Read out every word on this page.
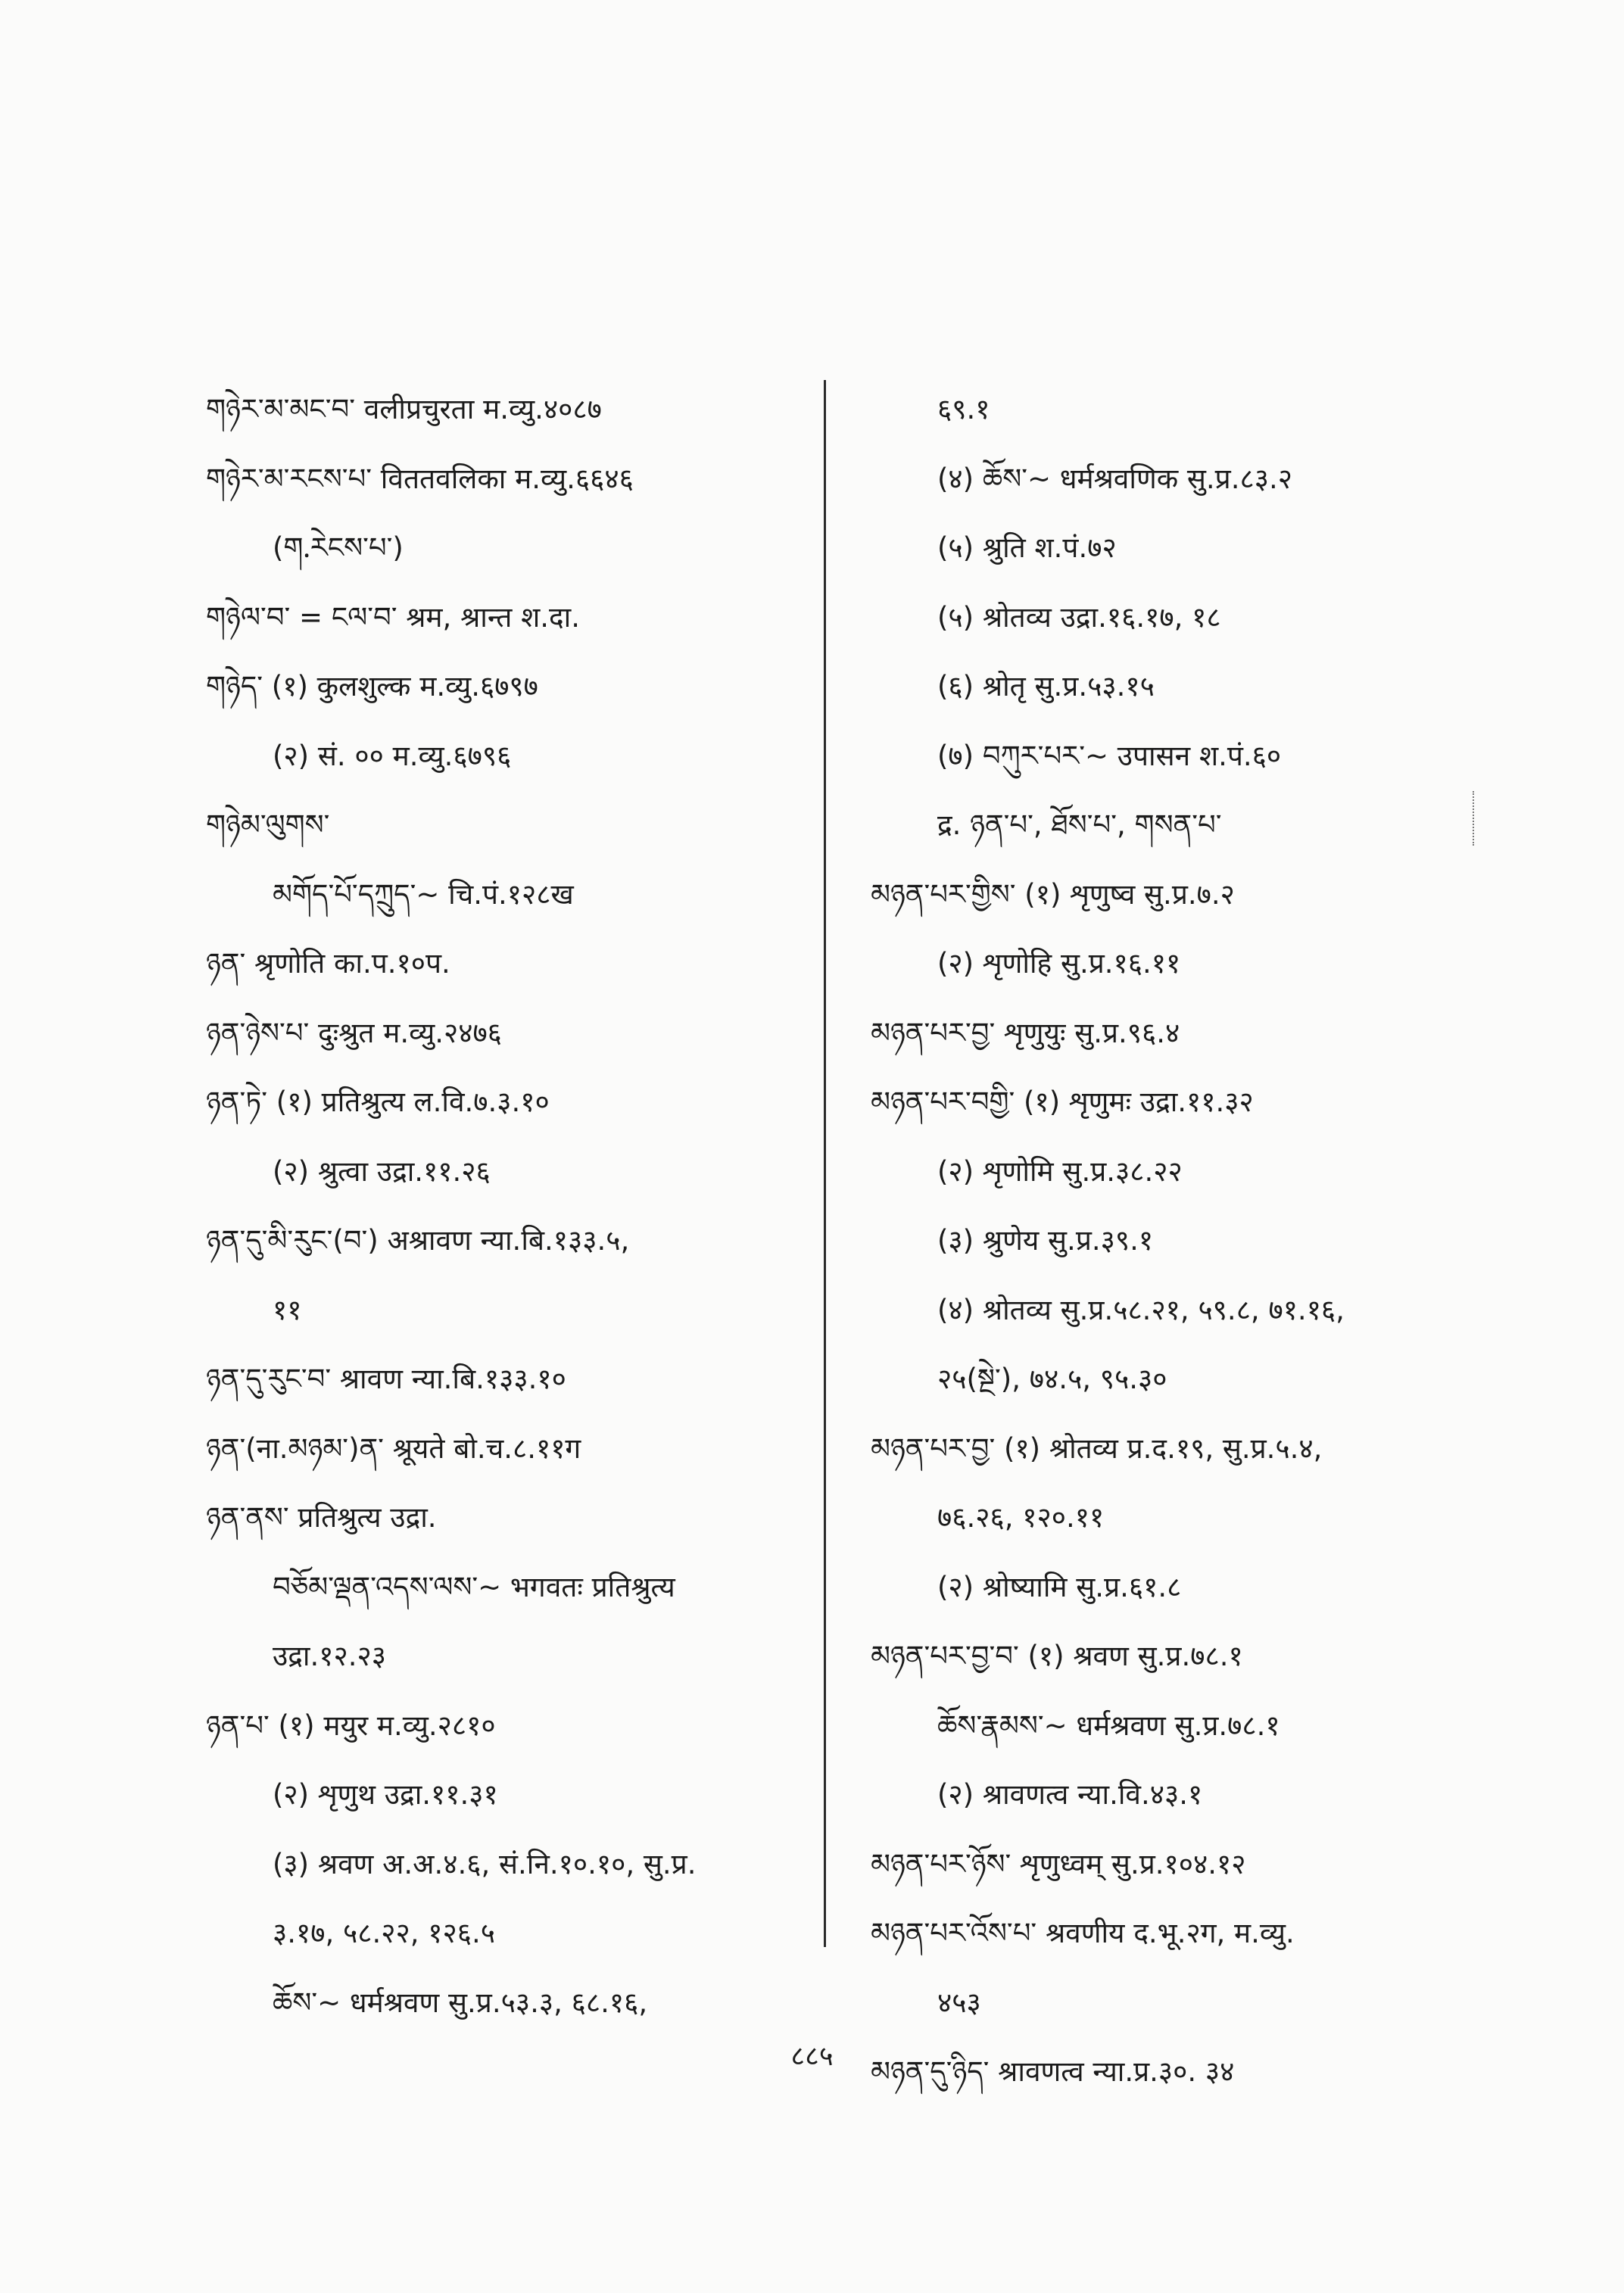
གཉེར་མ་མང་བ་ वलीप्रचुरता म.व्यु.४०८७
གཉེར་མ་རངས་པ་ विततवलिका म.व्यु.६६४६
(ག.ེརངས་པ་)
གཉེལ་བ་ = ངལ་བ་ श्रम, श्रान्त श.दा.
གཉེད་ (१) कुलशुल्क म.व्यु.६७९७
(२) सं. ०० म.व्यु.६७९६
གཉེམ་ལུགས་
མགོད་པོ་དཀྲུད་~ चि.पं.१२८ख
ཉན་ श्रृणोति का.प.१०प.
ཉན་ཉེས་པ་ दुःश्रुत म.व्यु.२४७६
ཉན་ཏེ་ (१) प्रतिश्रुत्य ल.वि.७.३.१०
(२) श्रुत्वा उद्रा.११.२६
ཉན་དུ་མི་རུང་(བ་) अश्रावण न्या.बि.१३३.५,
११
ཉན་དུ་རུང་བ་ श्रावण न्या.बि.१३३.१०
ཉན་(ना.མཉམ་)ན་ श्रूयते बो.च.८.११ग
ཉན་ནས་ प्रतिश्रुत्य उद्रा.
བཅོམ་ལྡན་འདས་ལས་~ भगवतः प्रतिश्रुत्य
उद्रा.१२.२३
ཉན་པ་ (१) मयुर म.व्यु.२८१०
(२) शृणुथ उद्रा.११.३१
(३) श्रवण अ.अ.४.६, सं.नि.१०.१०, सु.प्र.
३.१७, ५८.२२, १२६.५
ཆོས་~ धर्मश्रवण सु.प्र.५३.३, ६८.१६,
६९.१
(४) ཆོས་~ धर्मश्रवणिक सु.प्र.८३.२
(५) श्रुति श.पं.७२
(५) श्रोतव्य उद्रा.१६.१७, १८
(६) श्रोतृ सु.प्र.५३.१५
(७) བཀུར་པར་~ उपासन श.पं.६०
द्र. ཉན་པ་, ཐོས་པ་, གསན་པ་
མཉན་པར་གྱིས་ (१) शृणुष्व सु.प्र.७.२
(२) शृणोहि सु.प्र.१६.११
མཉན་པར་བྱ་ शृणुयुः सु.प्र.९६.४
མཉན་པར་བགྱི་ (१) शृणुमः उद्रा.११.३२
(२) शृणोमि सु.प्र.३८.२२
(३) श्रुणेय सु.प्र.३९.१
(४) श्रोतव्य सु.प्र.५८.२१, ५९.८, ७१.१६,
२५(སྔེ་), ७४.५, ९५.३०
མཉན་པར་བྱ་ (१) श्रोतव्य प्र.द.१९, सु.प्र.५.४,
७६.२६, १२०.११
(२) श्रोष्यामि सु.प्र.६१.८
མཉན་པར་བྱ་བ་ (१) श्रवण सु.प्र.७८.१
ཆོས་རྣམས་~ धर्मश्रवण सु.प्र.७८.१
(२) श्रावणत्व न्या.वि.४३.१
མཉན་པར་ཉོས་ शृणुध्वम् सु.प्र.१०४.१२
མཉན་པར་འོས་པ་ श्रवणीय द.भू.२ग, म.व्यु.
४५३
མཉན་དུ་ཉིད་ श्रावणत्व न्या.प्र.३०. ३४
८८५
